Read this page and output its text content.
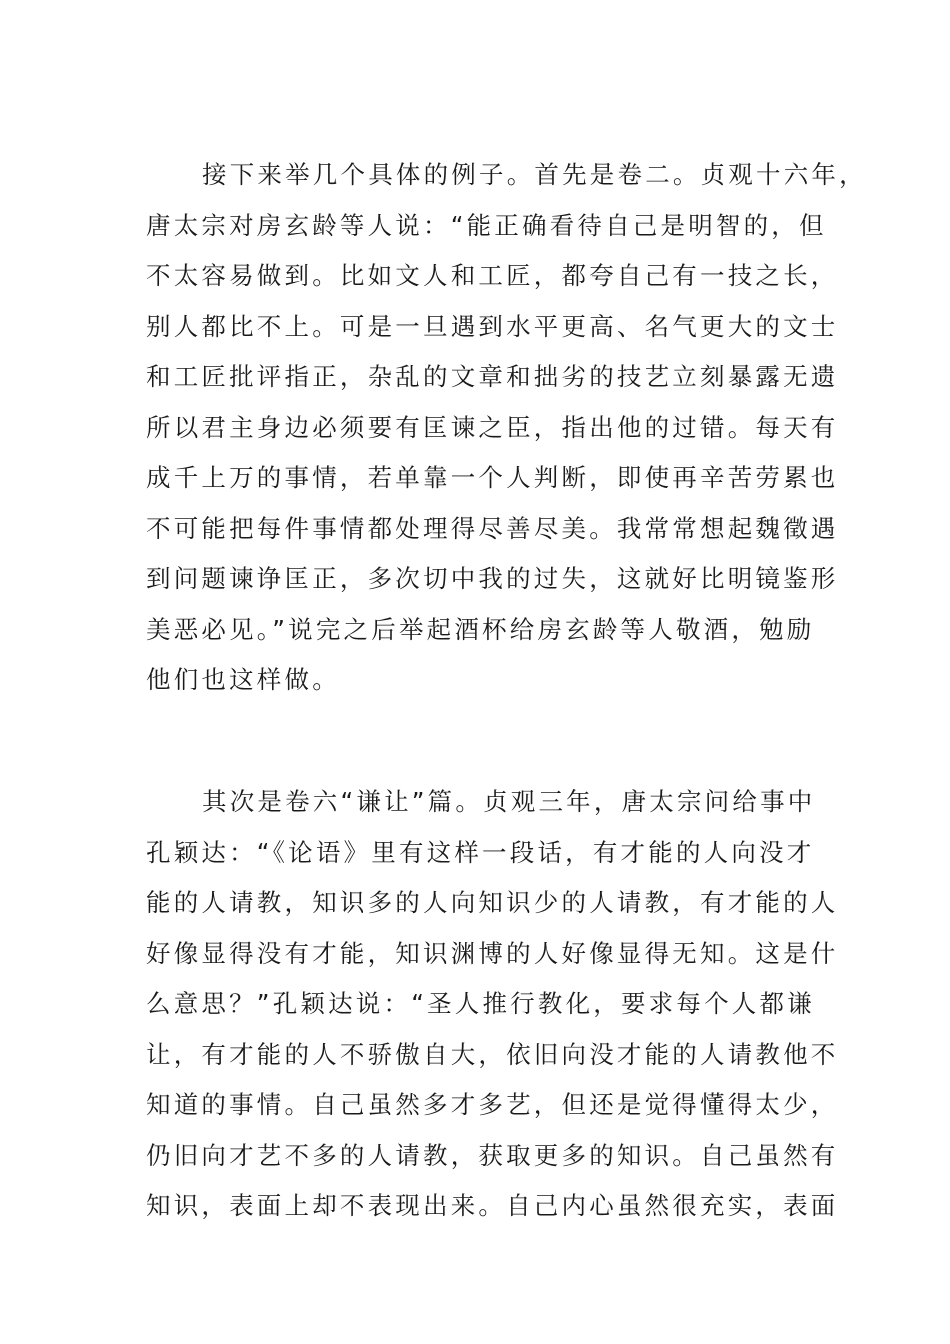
接下来举几个具体的例子。首先是卷二。贞观十六年，
唐太宗对房玄龄等人说：“能正确看待自己是明智的，但
不太容易做到。比如文人和工匠，都夸自己有一技之长，
别人都比不上。可是一旦遇到水平更高、名气更大的文士
和工匠批评指正，杂乱的文章和拙劣的技艺立刻暴露无遗
所以君主身边必须要有匡谏之臣，指出他的过错。每天有
成千上万的事情，若单靠一个人判断，即使再辛苦劳累也
不可能把每件事情都处理得尽善尽美。我常常想起魏徵遇
到问题谏诤匡正，多次切中我的过失，这就好比明镜鉴形
美恶必见。”说完之后举起酒杯给房玄龄等人敬酒，勉励
他们也这样做。
其次是卷六“谦让”篇。贞观三年，唐太宗问给事中
孔颖达：“《论语》里有这样一段话，有才能的人向没才
能的人请教，知识多的人向知识少的人请教，有才能的人
好像显得没有才能，知识渊博的人好像显得无知。这是什
么意思？”孔颖达说：“圣人推行教化，要求每个人都谦
让，有才能的人不骄傲自大，依旧向没才能的人请教他不
知道的事情。自己虽然多才多艺，但还是觉得懂得太少，
仍旧向才艺不多的人请教，获取更多的知识。自己虽然有
知识，表面上却不表现出来。自己内心虽然很充实，表面
